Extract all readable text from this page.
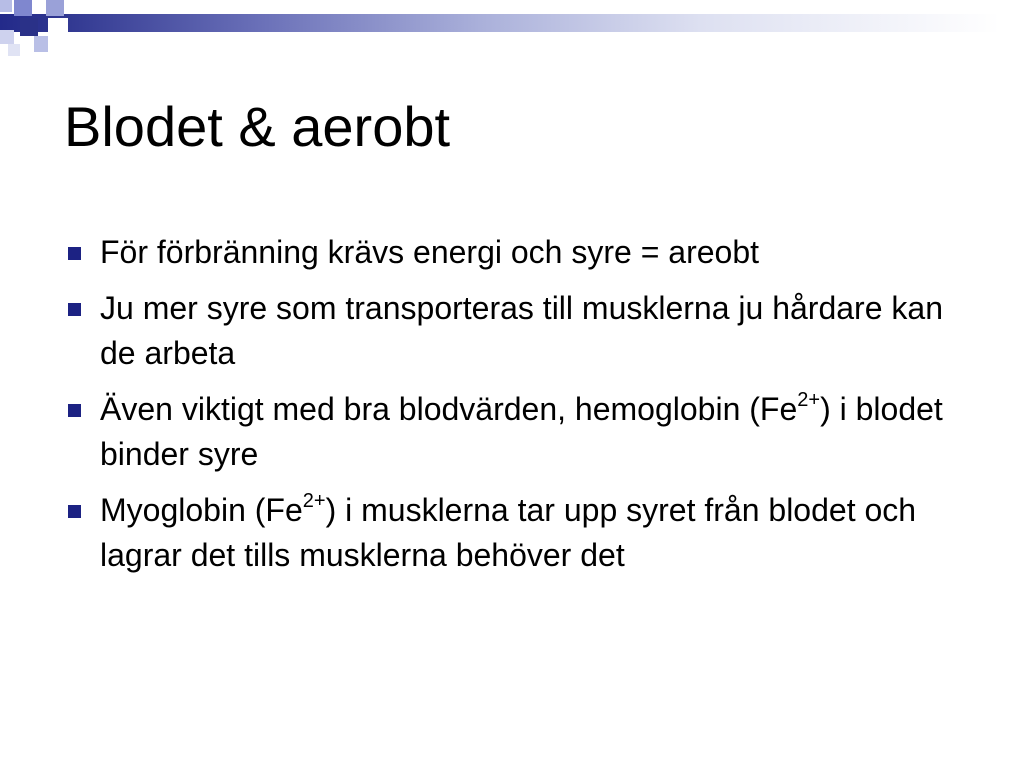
Blodet & aerobt
För förbränning krävs energi och syre = areobt
Ju mer syre som transporteras till musklerna ju hårdare kan de arbeta
Även viktigt med bra blodvärden, hemoglobin $(Fe^{2+})$ i blodet binder syre
Myoglobin $(Fe^{2+})$ i musklerna tar upp syret från blodet och lagrar det tills musklerna behöver det
